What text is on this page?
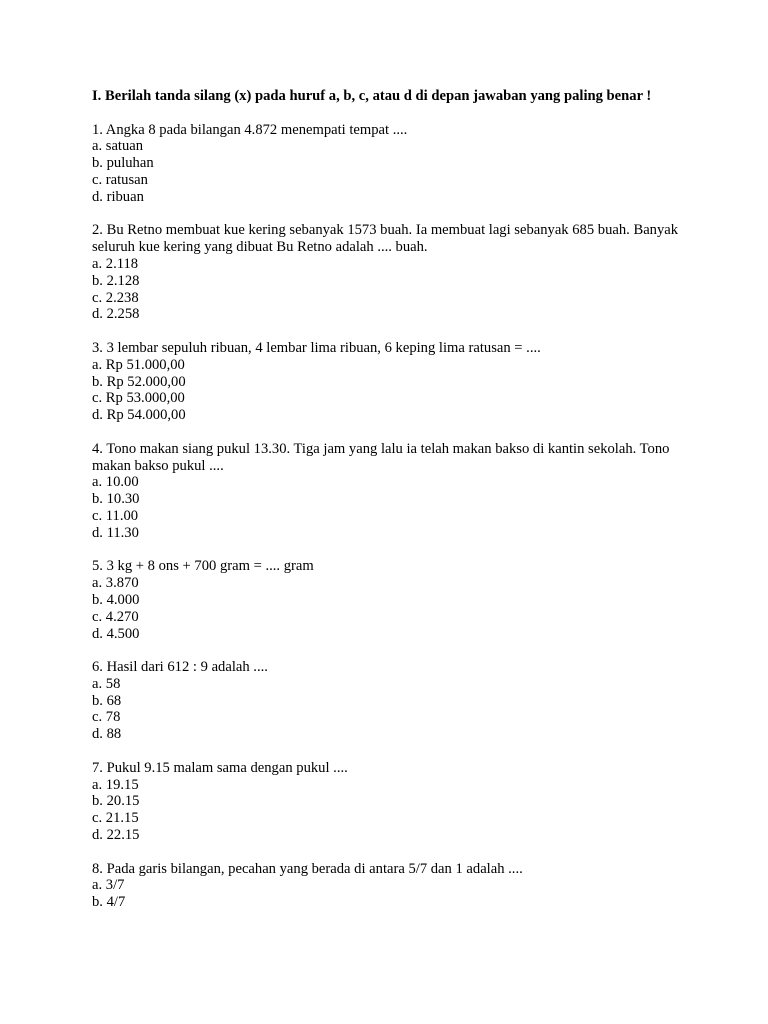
I. Berilah tanda silang (x) pada huruf a, b, c, atau d di depan jawaban yang paling benar !

1. Angka 8 pada bilangan 4.872 menempati tempat ....

a. satuan
b. puluhan
c. ratusan
d. ribuan

2. Bu Retno membuat kue kering sebanyak 1573 buah. Ia membuat lagi sebanyak 685 buah. Banyak seluruh kue kering yang dibuat Bu Retno adalah .... buah.

a. 2.118
b. 2.128
c. 2.238
d. 2.258

3. 3 lembar sepuluh ribuan, 4 lembar lima ribuan, 6 keping lima ratusan = ....

a. Rp 51.000,00
b. Rp 52.000,00
c. Rp 53.000,00
d. Rp 54.000,00

4. Tono makan siang pukul 13.30. Tiga jam yang lalu ia telah makan bakso di kantin sekolah. Tono makan bakso pukul ....

a. 10.00
b. 10.30
c. 11.00
d. 11.30

5. 3 kg + 8 ons + 700 gram = .... gram

a. 3.870
b. 4.000
c. 4.270
d. 4.500

6. Hasil dari 612 : 9 adalah ....

a. 58
b. 68
c. 78
d. 88

7. Pukul 9.15 malam sama dengan pukul ....

a. 19.15
b. 20.15
c. 21.15
d. 22.15

8. Pada garis bilangan, pecahan yang berada di antara 5/7 dan 1 adalah ....

a. 3/7
b. 4/7
